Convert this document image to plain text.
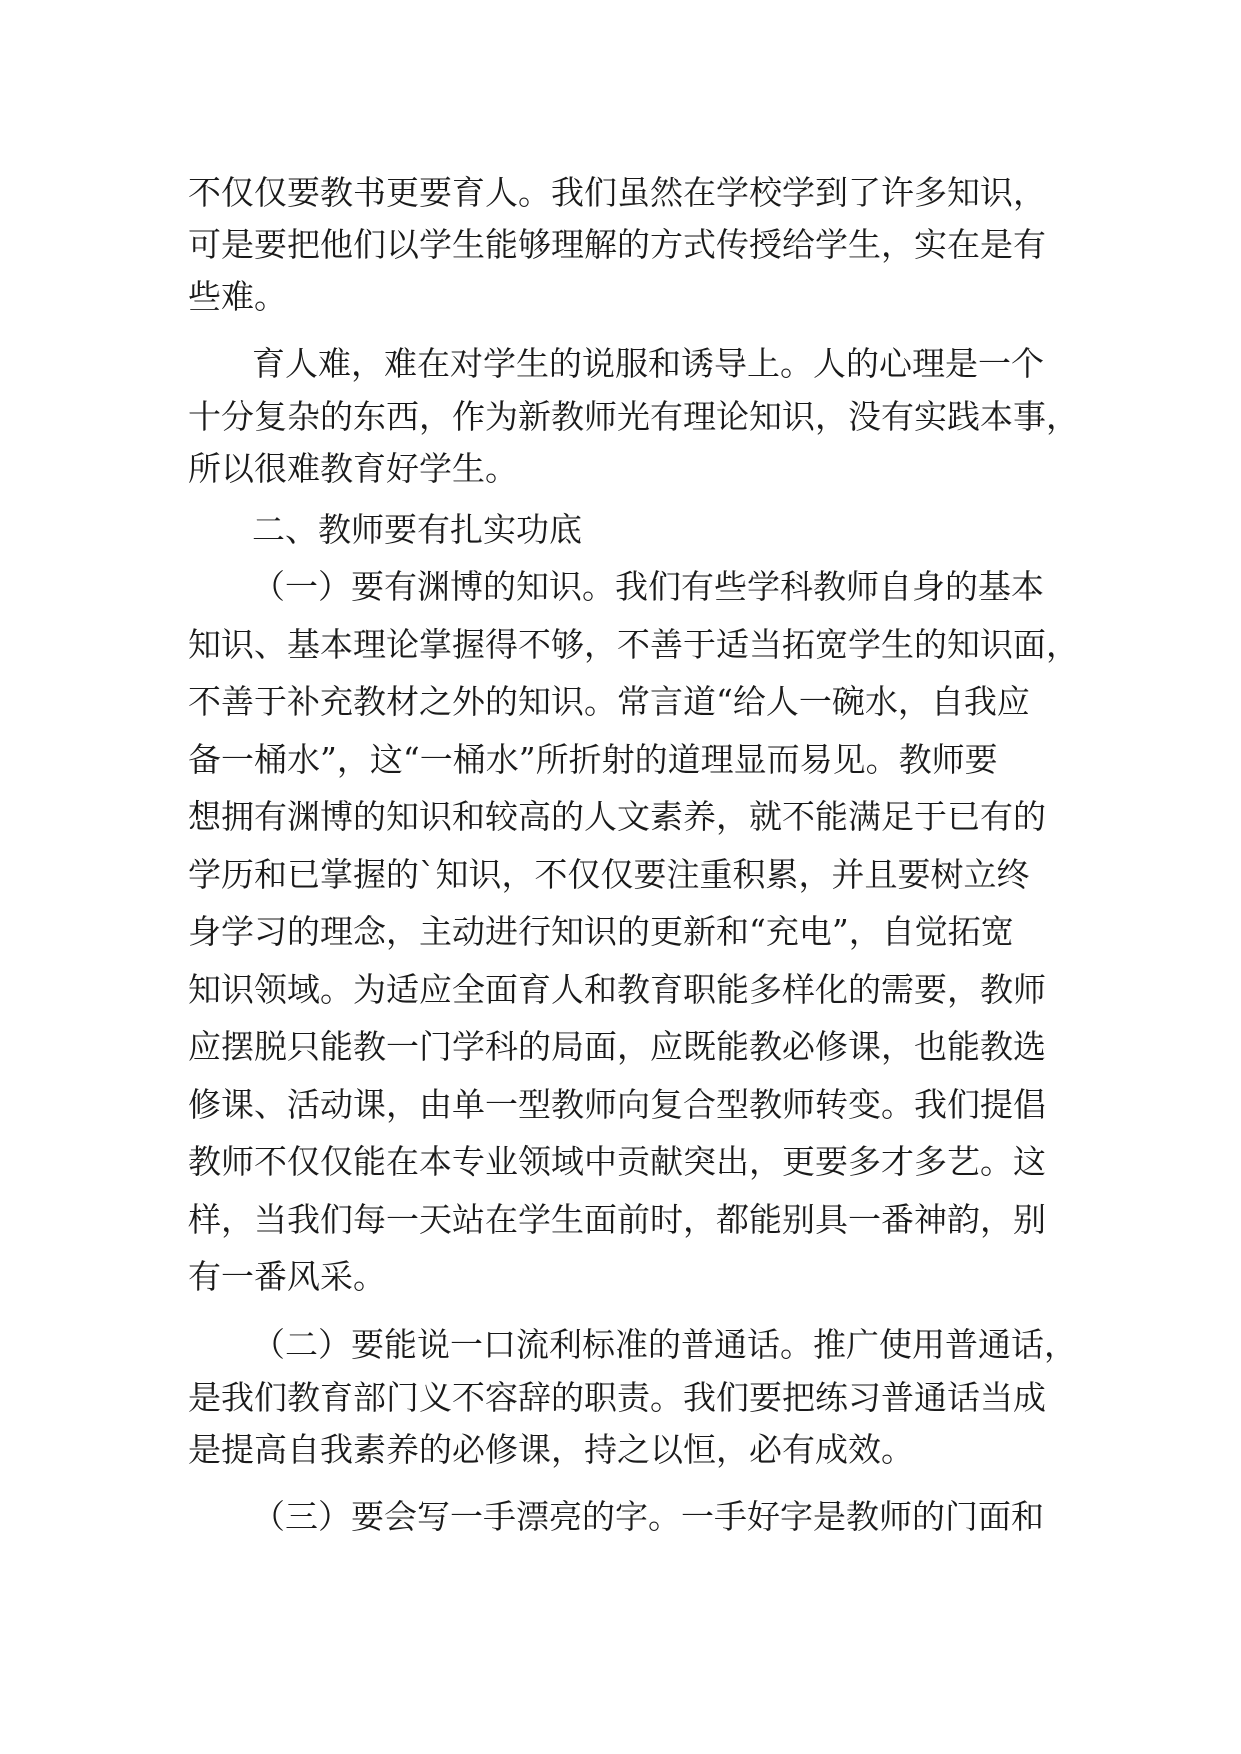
不仅仅要教书更要育人。我们虽然在学校学到了许多知识，
可是要把他们以学生能够理解的方式传授给学生，实在是有
些难。
育人难，难在对学生的说服和诱导上。人的心理是一个
十分复杂的东西，作为新教师光有理论知识，没有实践本事，
所以很难教育好学生。
二、教师要有扎实功底
（一）要有渊博的知识。我们有些学科教师自身的基本
知识、基本理论掌握得不够，不善于适当拓宽学生的知识面，
不善于补充教材之外的知识。常言道“给人一碗水，自我应
备一桶水”，这“一桶水”所折射的道理显而易见。教师要
想拥有渊博的知识和较高的人文素养，就不能满足于已有的
学历和已掌握的`知识，不仅仅要注重积累，并且要树立终
身学习的理念，主动进行知识的更新和“充电”，自觉拓宽
知识领域。为适应全面育人和教育职能多样化的需要，教师
应摆脱只能教一门学科的局面，应既能教必修课，也能教选
修课、活动课，由单一型教师向复合型教师转变。我们提倡
教师不仅仅能在本专业领域中贡献突出，更要多才多艺。这
样，当我们每一天站在学生面前时，都能别具一番神韵，别
有一番风采。
（二）要能说一口流利标准的普通话。推广使用普通话，
是我们教育部门义不容辞的职责。我们要把练习普通话当成
是提高自我素养的必修课，持之以恒，必有成效。
（三）要会写一手漂亮的字。一手好字是教师的门面和
